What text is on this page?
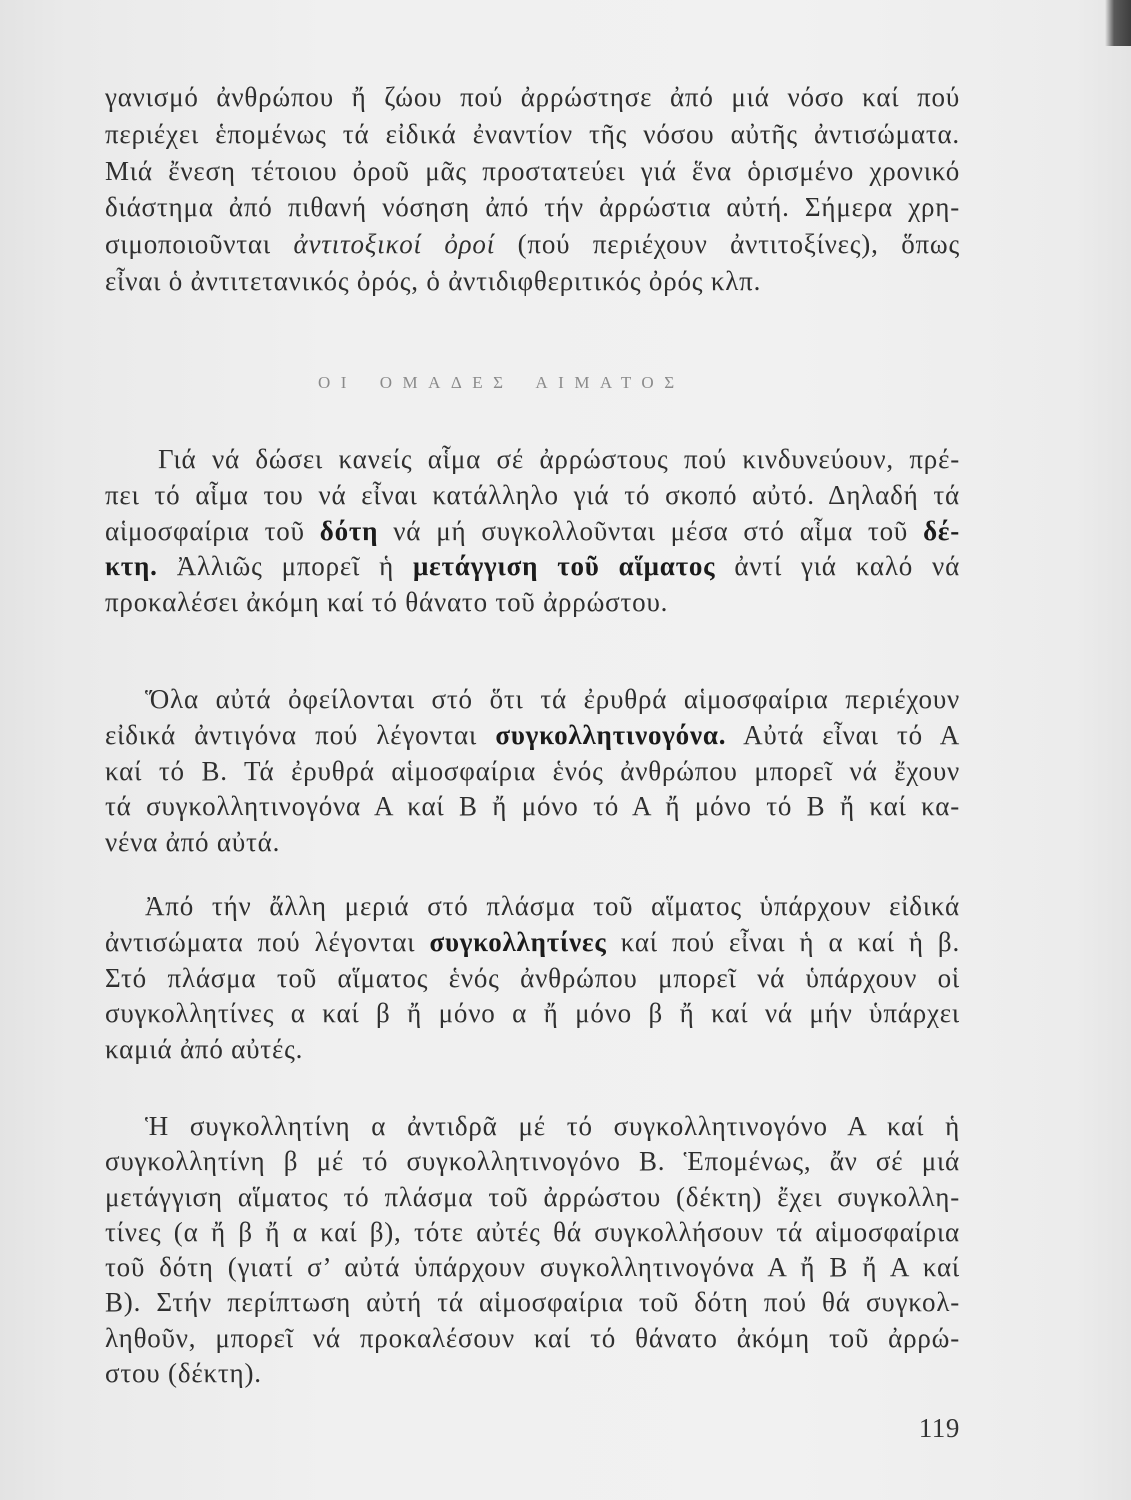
γανισμό ἀνθρώπου ἤ ζώου πού ἀρρώστησε ἀπό μιά νόσο καί πού
περιέχει ἑπομένως τά εἰδικά ἐναντίον τῆς νόσου αὐτῆς ἀντισώματα.
Μιά ἔνεση τέτοιου ὀροῦ μᾶς προστατεύει γιά ἕνα ὁρισμένο χρονικό
διάστημα ἀπό πιθανή νόσηση ἀπό τήν ἀρρώστια αὐτή. Σήμερα χρη-
σιμοποιοῦνται ἀντιτοξικοί ὀροί (πού περιέχουν ἀντιτοξίνες), ὅπως
εἶναι ὁ ἀντιτετανικός ὀρός, ὁ ἀντιδιφθεριτικός ὀρός κλπ.
ΟΙ ΟΜΑΔΕΣ ΑΙΜΑΤΟΣ
Γιά νά δώσει κανείς αἷμα σέ ἀρρώστους πού κινδυνεύουν, πρέ-
πει τό αἷμα του νά εἶναι κατάλληλο γιά τό σκοπό αὐτό. Δηλαδή τά
αἱμοσφαίρια τοῦ δότη νά μή συγκολλοῦνται μέσα στό αἷμα τοῦ δέ-
κτη. Ἀλλιῶς μπορεῖ ἡ μετάγγιση τοῦ αἵματος ἀντί γιά καλό νά
προκαλέσει ἀκόμη καί τό θάνατο τοῦ ἀρρώστου.
Ὅλα αὐτά ὀφείλονται στό ὅτι τά ἐρυθρά αἱμοσφαίρια περιέχουν
εἰδικά ἀντιγόνα πού λέγονται συγκολλητινογόνα. Αὐτά εἶναι τό Α
καί τό Β. Τά ἐρυθρά αἱμοσφαίρια ἑνός ἀνθρώπου μπορεῖ νά ἔχουν
τά συγκολλητινογόνα Α καί Β ἤ μόνο τό Α ἤ μόνο τό Β ἤ καί κα-
νένα ἀπό αὐτά.
Ἀπό τήν ἄλλη μεριά στό πλάσμα τοῦ αἵματος ὑπάρχουν εἰδικά
ἀντισώματα πού λέγονται συγκολλητίνες καί πού εἶναι ἡ α καί ἡ β.
Στό πλάσμα τοῦ αἵματος ἑνός ἀνθρώπου μπορεῖ νά ὑπάρχουν οἱ
συγκολλητίνες α καί β ἤ μόνο α ἤ μόνο β ἤ καί νά μήν ὑπάρχει
καμιά ἀπό αὐτές.
Ἡ συγκολλητίνη α ἀντιδρᾶ μέ τό συγκολλητινογόνο Α καί ἡ
συγκολλητίνη β μέ τό συγκολλητινογόνο Β. Ἑπομένως, ἄν σέ μιά
μετάγγιση αἵματος τό πλάσμα τοῦ ἀρρώστου (δέκτη) ἔχει συγκολλη-
τίνες (α ἤ β ἤ α καί β), τότε αὐτές θά συγκολλήσουν τά αἱμοσφαίρια
τοῦ δότη (γιατί σ’ αὐτά ὑπάρχουν συγκολλητινογόνα Α ἤ Β ἤ Α καί
Β). Στήν περίπτωση αὐτή τά αἱμοσφαίρια τοῦ δότη πού θά συγκολ-
ληθοῦν, μπορεῖ νά προκαλέσουν καί τό θάνατο ἀκόμη τοῦ ἀρρώ-
στου (δέκτη).
119
